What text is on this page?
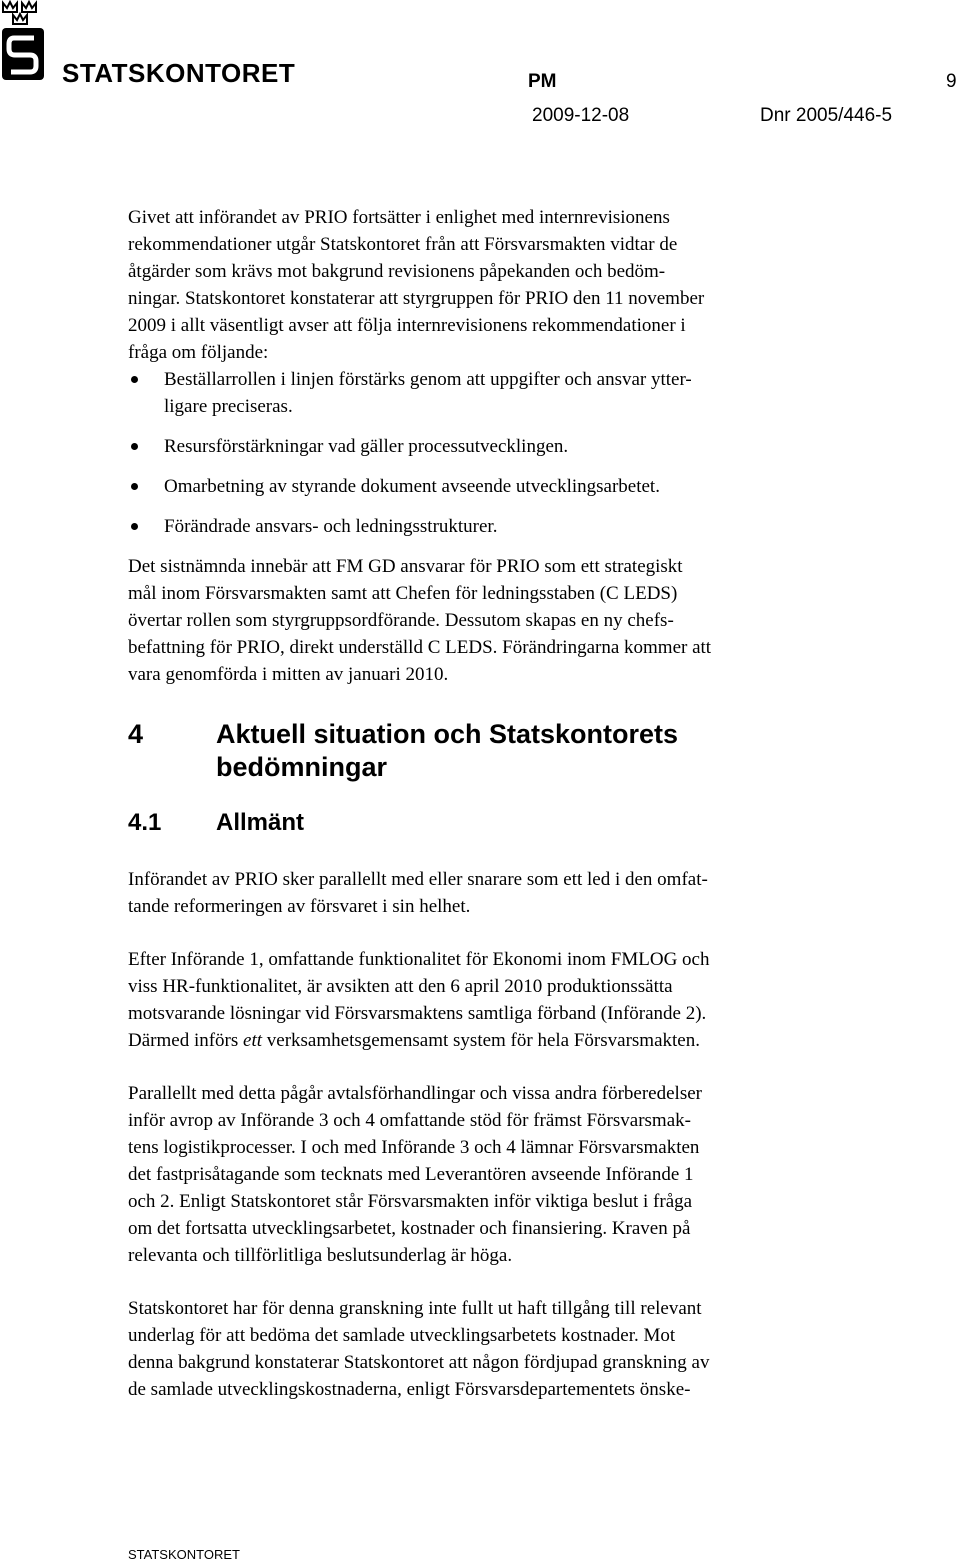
STATSKONTORET	PM	9
2009-12-08	Dnr 2005/446-5

Givet att införandet av PRIO fortsätter i enlighet med internrevisionens
rekommendationer utgår Statskontoret från att Försvarsmakten vidtar de
åtgärder som krävs mot bakgrund revisionens påpekanden och bedöm-
ningar. Statskontoret konstaterar att styrgruppen för PRIO den 11 november
2009 i allt väsentligt avser att följa internrevisionens rekommendationer i
fråga om följande:

Beställarrollen i linjen förstärks genom att uppgifter och ansvar ytter-
ligare preciseras.
Resursförstärkningar vad gäller processutvecklingen.
Omarbetning av styrande dokument avseende utvecklingsarbetet.
Förändrade ansvars- och ledningsstrukturer.

Det sistnämnda innebär att FM GD ansvarar för PRIO som ett strategiskt
mål inom Försvarsmakten samt att Chefen för ledningsstaben (C LEDS)
övertar rollen som styrgruppsordförande. Dessutom skapas en ny chefs-
befattning för PRIO, direkt underställd C LEDS. Förändringarna kommer att
vara genomförda i mitten av januari 2010.

4	Aktuell situation och Statskontorets
bedömningar
4.1 Allmänt

Införandet av PRIO sker parallellt med eller snarare som ett led i den omfat-
tande reformeringen av försvaret i sin helhet.

Efter Införande 1, omfattande funktionalitet för Ekonomi inom FMLOG och
viss HR-funktionalitet, är avsikten att den 6 april 2010 produktionssätta
motsvarande lösningar vid Försvarsmaktens samtliga förband (Införande 2).
Därmed införs ett verksamhetsgemensamt system för hela Försvarsmakten.

Parallellt med detta pågår avtalsförhandlingar och vissa andra förberedelser
inför avrop av Införande 3 och 4 omfattande stöd för främst Försvarsmak-
tens logistikprocesser. I och med Införande 3 och 4 lämnar Försvarsmakten
det fastprisåtagande som tecknats med Leverantören avseende Införande 1
och 2. Enligt Statskontoret står Försvarsmakten inför viktiga beslut i fråga
om det fortsatta utvecklingsarbetet, kostnader och finansiering. Kraven på
relevanta och tillförlitliga beslutsunderlag är höga.

Statskontoret har för denna granskning inte fullt ut haft tillgång till relevant
underlag för att bedöma det samlade utvecklingsarbetets kostnader. Mot
denna bakgrund konstaterar Statskontoret att någon fördjupad granskning av
de samlade utvecklingskostnaderna, enligt Försvarsdepartementets önske-

STATSKONTORET
